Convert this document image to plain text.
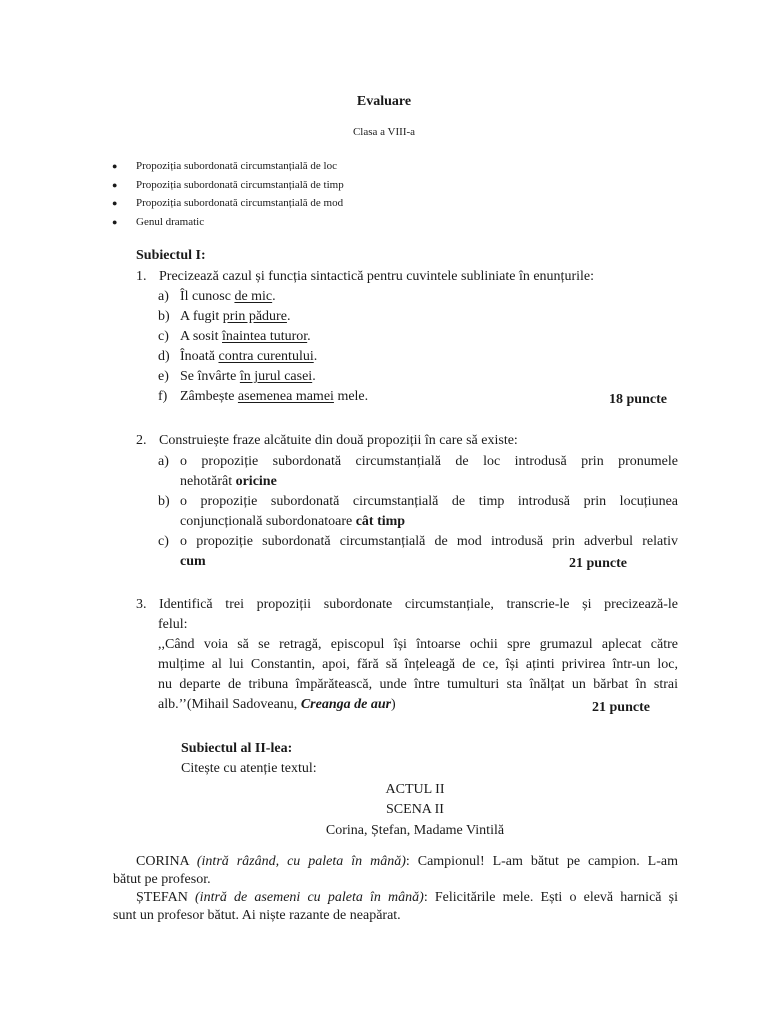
Evaluare
Clasa a VIII-a
● Propoziția subordonată circumstanțială de loc
● Propoziția subordonată circumstanțială de timp
● Propoziția subordonată circumstanțială de mod
● Genul dramatic
Subiectul I:
1. Precizează cazul și funcția sintactică pentru cuvintele subliniate în enunțurile:
a) Îl cunosc de mic.
b) A fugit prin pădure.
c) A sosit înaintea tuturor.
d) Înoată contra curentului.
e) Se învârte în jurul casei.
f) Zâmbește asemenea mamei mele.	18 puncte
2. Construiește fraze alcătuite din două propoziții în care să existe:
a) o propoziție subordonată circumstanțială de loc introdusă prin pronumele
nehotărât oricine
b) o propoziție subordonată circumstanțială de timp introdusă prin locuțiunea
conjuncțională subordonatoare cât timp
c) o propoziție subordonată circumstanțială de mod introdusă prin adverbul relativ
cum	21 puncte
3. Identifică trei propoziții subordonate circumstanțiale, transcrie-le și precizează-le
felul:
,,Când voia să se retragă, episcopul își întoarse ochii spre grumazul aplecat către
mulțime al lui Constantin, apoi, fără să înțeleagă de ce, își aținti privirea într-un loc,
nu departe de tribuna împărătească, unde între tumulturi sta înălțat un bărbat în strai
alb.’’(Mihail Sadoveanu, Creanga de aur)	21 puncte
Subiectul al II-lea:
Citește cu atenție textul:
ACTUL II
SCENA II
Corina, Ștefan, Madame Vintilă
CORINA (intră râzând, cu paleta în mână): Campionul! L-am bătut pe campion. L-am
bătut pe profesor.
ȘTEFAN (intră de asemeni cu paleta în mână): Felicitările mele. Ești o elevă harnică și
sunt un profesor bătut. Ai niște razante de neapărat.
